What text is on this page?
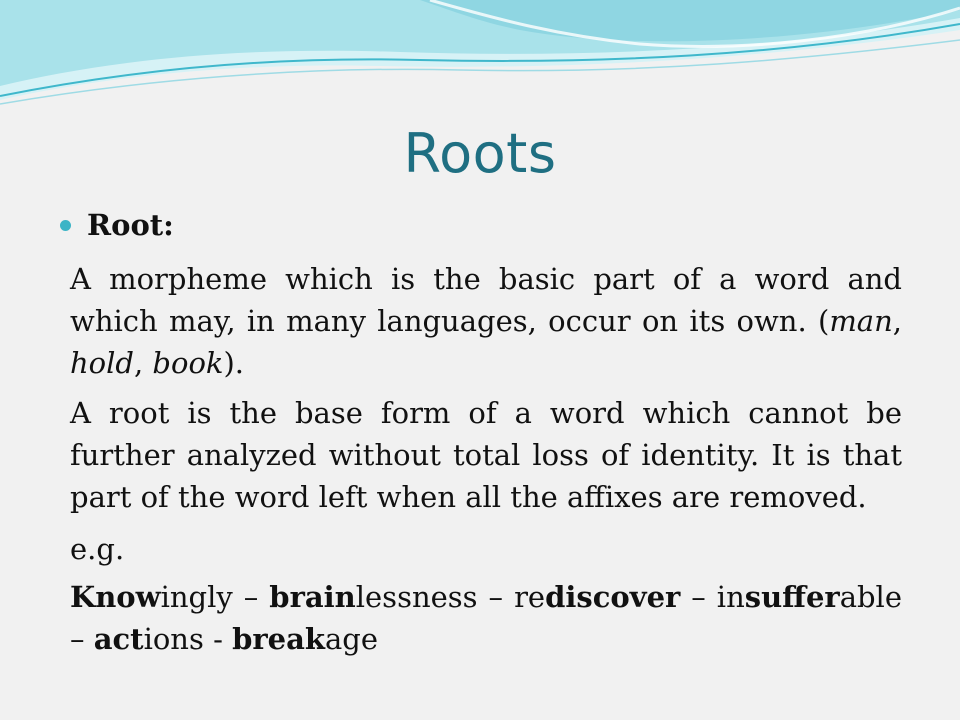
Roots
Root:
A morpheme which is the basic part of a word and which may, in many languages, occur on its own. (man, hold, book).
A root is the base form of a word which cannot be further analyzed without total loss of identity. It is that part of the word left when all the affixes are removed.
e.g.
Knowingly – brainlessness – rediscover – insufferable – actions - breakage
